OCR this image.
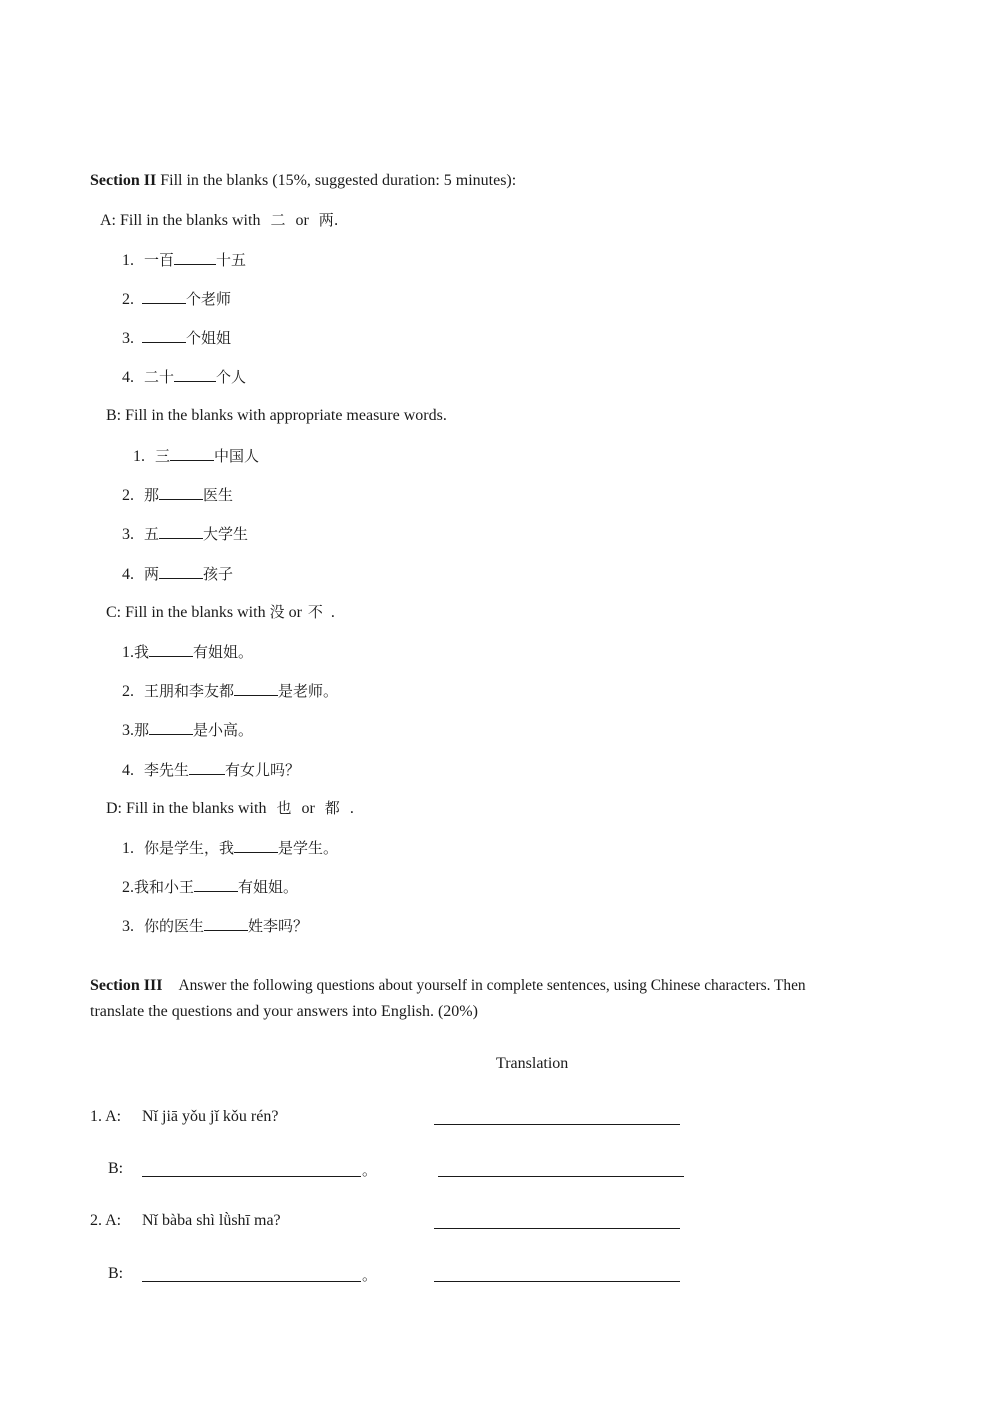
Section II Fill in the blanks (15%, suggested duration: 5 minutes):
A: Fill in the blanks with 二 or 两.
1. 一百	十五
2.	个老师
3.	个姐姐
4. 二十	个人
B: Fill in the blanks with appropriate measure words.
1. 三	中国人
2. 那	医生
3. 五	大学生
4. 两	孩子
C: Fill in the blanks with 没 or 不 .
1.我	有姐姐。
2. 王朋和李友都	是老师。
3.那	是小高。
4. 李先生 有女儿吗？
D: Fill in the blanks with 也 or 都 .
1. 你是学生，我	是学生。
2.我和小王	有姐姐。
3. 你的医生	姓李吗？
Section III Answer the following questions about yourself in complete sentences, using Chinese characters. Then
translate the questions and your answers into English. (20%)
Translation
1. A: Nǐ jiā yǒu jǐ kǒu rén?
B:	。
2. A: Nǐ bàba shì lǜshī ma?
B:	。
